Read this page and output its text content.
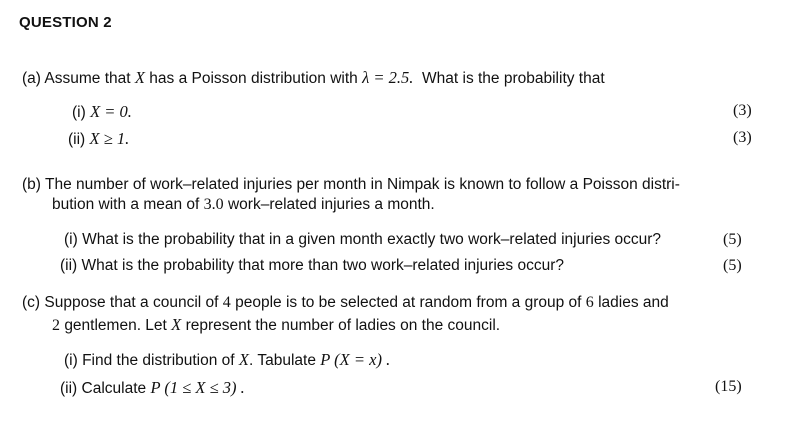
QUESTION 2
(a) Assume that X has a Poisson distribution with λ = 2.5. What is the probability that
(i) X = 0.	(3)
(ii) X ≥ 1.	(3)
(b) The number of work–related injuries per month in Nimpak is known to follow a Poisson distri-
bution with a mean of 3.0 work–related injuries a month.
(i) What is the probability that in a given month exactly two work–related injuries occur?	(5)
(ii) What is the probability that more than two work–related injuries occur?	(5)
(c) Suppose that a council of 4 people is to be selected at random from a group of 6 ladies and
2 gentlemen. Let X represent the number of ladies on the council.
(i) Find the distribution of X. Tabulate P (X = x) .
(ii) Calculate P (1 ≤ X ≤ 3) .	(15)
